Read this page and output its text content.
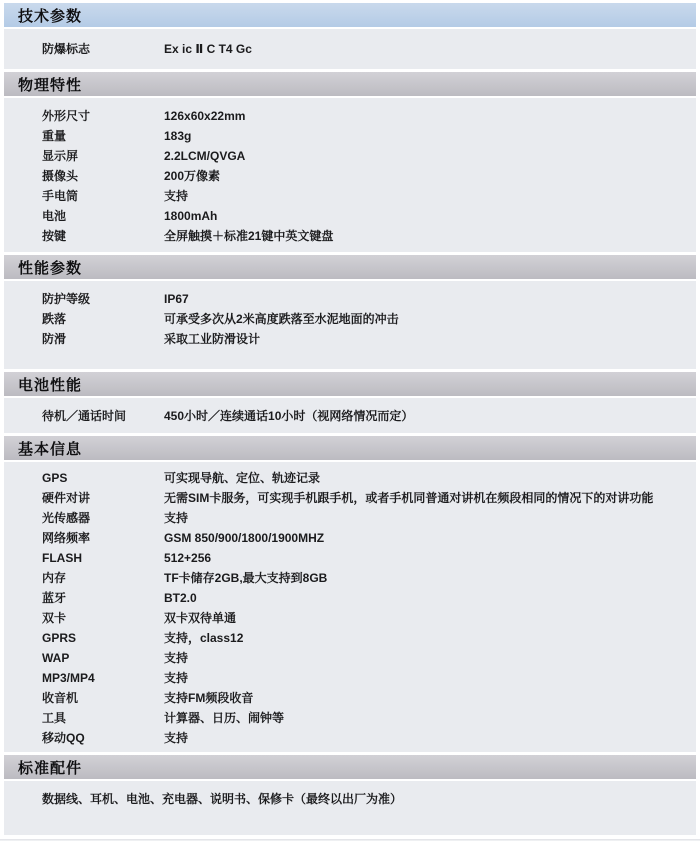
技术参数
防爆标志	Ex ic Ⅱ C T4 Gc
物理特性
外形尺寸	126x60x22mm
重量	183g
显示屏	2.2LCM/QVGA
摄像头	200万像素
手电筒	支持
电池	1800mAh
按键	全屏触摸＋标准21键中英文键盘
性能参数
防护等级	IP67
跌落	可承受多次从2米高度跌落至水泥地面的冲击
防滑	采取工业防滑设计
电池性能
待机／通话时间	450小时／连续通话10小时（视网络情况而定）
基本信息
GPS	可实现导航、定位、轨迹记录
硬件对讲	无需SIM卡服务，可实现手机跟手机，或者手机同普通对讲机在频段相同的情况下的对讲功能
光传感器	支持
网络频率	GSM 850/900/1800/1900MHZ
FLASH	512+256
内存	TF卡储存2GB,最大支持到8GB
蓝牙	BT2.0
双卡	双卡双待单通
GPRS	支持，class12
WAP	支持
MP3/MP4	支持
收音机	支持FM频段收音
工具	计算器、日历、闹钟等
移动QQ	支持
标准配件
数据线、耳机、电池、充电器、说明书、保修卡（最终以出厂为准）
